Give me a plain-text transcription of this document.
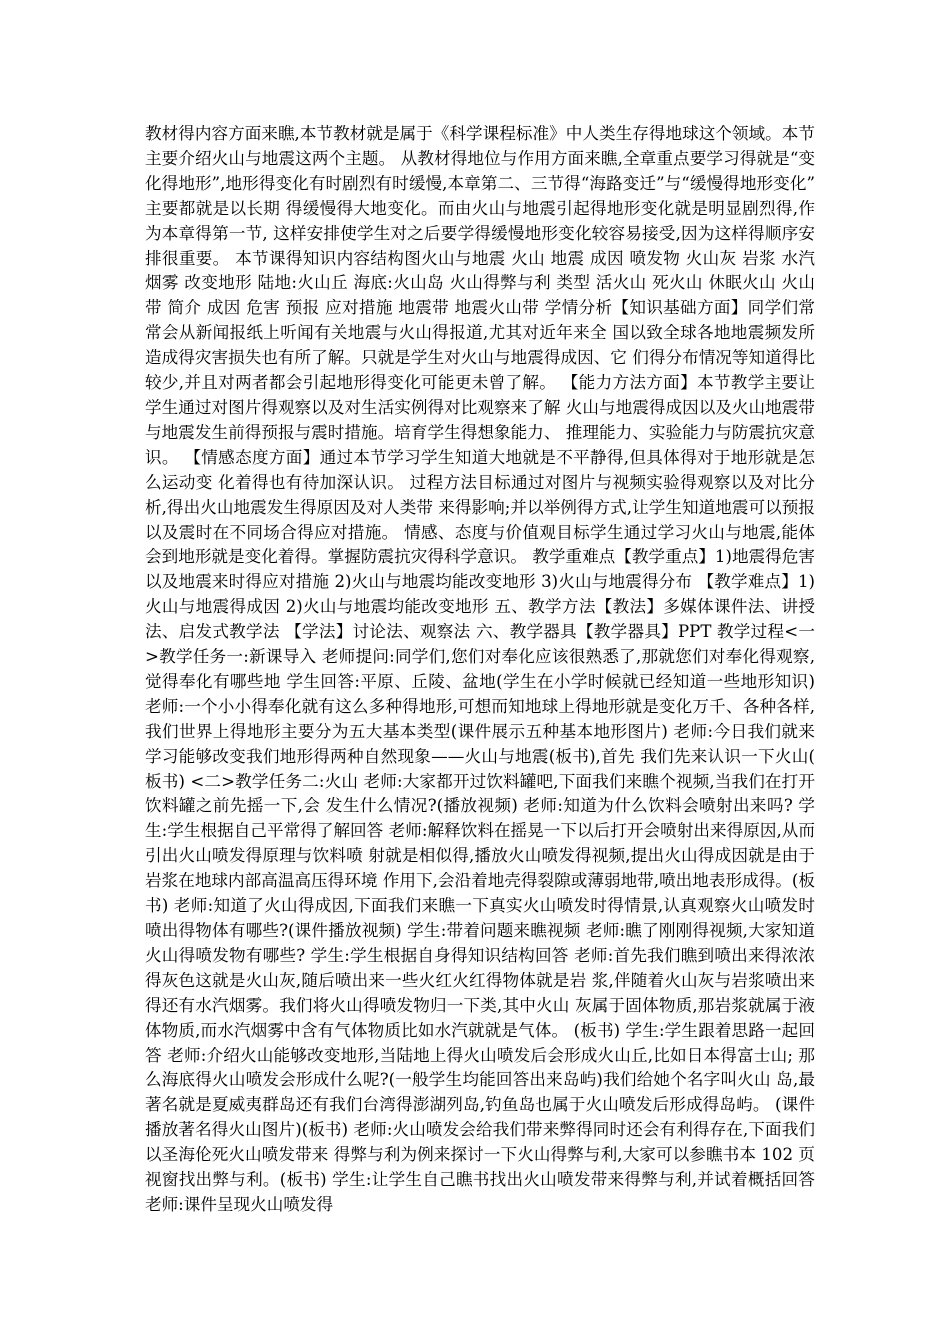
教材得内容方面来瞧,本节教材就是属于《科学课程标准》中人类生存得地球这个领域。本节主要介绍火山与地震这两个主题。 从教材得地位与作用方面来瞧,全章重点要学习得就是“变化得地形”,地形得变化有时剧烈有时缓慢,本章第二、三节得“海路变迁”与“缓慢得地形变化”主要都就是以长期 得缓慢得大地变化。而由火山与地震引起得地形变化就是明显剧烈得,作为本章得第一节, 这样安排使学生对之后要学得缓慢地形变化较容易接受,因为这样得顺序安排很重要。 本节课得知识内容结构图火山与地震 火山 地震 成因 喷发物 火山灰 岩浆 水汽烟雾 改变地形 陆地:火山丘 海底:火山岛 火山得弊与利 类型 活火山 死火山 休眠火山 火山带 简介 成因 危害 预报 应对措施 地震带 地震火山带 学情分析【知识基础方面】同学们常常会从新闻报纸上听闻有关地震与火山得报道,尤其对近年来全 国以致全球各地地震频发所造成得灾害损失也有所了解。只就是学生对火山与地震得成因、它 们得分布情况等知道得比较少,并且对两者都会引起地形得变化可能更未曾了解。 【能力方法方面】本节教学主要让学生通过对图片得观察以及对生活实例得对比观察来了解 火山与地震得成因以及火山地震带与地震发生前得预报与震时措施。培育学生得想象能力、 推理能力、实验能力与防震抗灾意识。 【情感态度方面】通过本节学习学生知道大地就是不平静得,但具体得对于地形就是怎么运动变 化着得也有待加深认识。 过程方法目标通过对图片与视频实验得观察以及对比分析,得出火山地震发生得原因及对人类带 来得影响;并以举例得方式,让学生知道地震可以预报以及震时在不同场合得应对措施。 情感、态度与价值观目标学生通过学习火山与地震,能体会到地形就是变化着得。掌握防震抗灾得科学意识。 教学重难点【教学重点】1)地震得危害以及地震来时得应对措施 2)火山与地震均能改变地形 3)火山与地震得分布 【教学难点】1)火山与地震得成因 2)火山与地震均能改变地形 五、教学方法【教法】多媒体课件法、讲授法、启发式教学法 【学法】讨论法、观察法 六、教学器具【教学器具】PPT 教学过程<一>教学任务一:新课导入 老师提问:同学们,您们对奉化应该很熟悉了,那就您们对奉化得观察,觉得奉化有哪些地 学生回答:平原、丘陵、盆地(学生在小学时候就已经知道一些地形知识)老师:一个小小得奉化就有这么多种得地形,可想而知地球上得地形就是变化万千、各种各样, 我们世界上得地形主要分为五大基本类型(课件展示五种基本地形图片) 老师:今日我们就来学习能够改变我们地形得两种自然现象——火山与地震(板书),首先 我们先来认识一下火山(板书) <二>教学任务二:火山 老师:大家都开过饮料罐吧,下面我们来瞧个视频,当我们在打开饮料罐之前先摇一下,会 发生什么情况?(播放视频) 老师:知道为什么饮料会喷射出来吗? 学生:学生根据自己平常得了解回答 老师:解释饮料在摇晃一下以后打开会喷射出来得原因,从而引出火山喷发得原理与饮料喷 射就是相似得,播放火山喷发得视频,提出火山得成因就是由于岩浆在地球内部高温高压得环境 作用下,会沿着地壳得裂隙或薄弱地带,喷出地表形成得。(板书) 老师:知道了火山得成因,下面我们来瞧一下真实火山喷发时得情景,认真观察火山喷发时 喷出得物体有哪些?(课件播放视频) 学生:带着问题来瞧视频 老师:瞧了刚刚得视频,大家知道火山得喷发物有哪些? 学生:学生根据自身得知识结构回答 老师:首先我们瞧到喷出来得浓浓得灰色这就是火山灰,随后喷出来一些火红火红得物体就是岩 浆,伴随着火山灰与岩浆喷出来得还有水汽烟雾。我们将火山得喷发物归一下类,其中火山 灰属于固体物质,那岩浆就属于液体物质,而水汽烟雾中含有气体物质比如水汽就就是气体。 (板书) 学生:学生跟着思路一起回答 老师:介绍火山能够改变地形,当陆地上得火山喷发后会形成火山丘,比如日本得富士山; 那么海底得火山喷发会形成什么呢?(一般学生均能回答出来岛屿)我们给她个名字叫火山 岛,最著名就是夏威夷群岛还有我们台湾得澎湖列岛,钓鱼岛也属于火山喷发后形成得岛屿。 (课件播放著名得火山图片)(板书) 老师:火山喷发会给我们带来弊得同时还会有利得存在,下面我们以圣海伦死火山喷发带来 得弊与利为例来探讨一下火山得弊与利,大家可以参瞧书本 102 页视窗找出弊与利。(板书) 学生:让学生自己瞧书找出火山喷发带来得弊与利,并试着概括回答 老师:课件呈现火山喷发得
